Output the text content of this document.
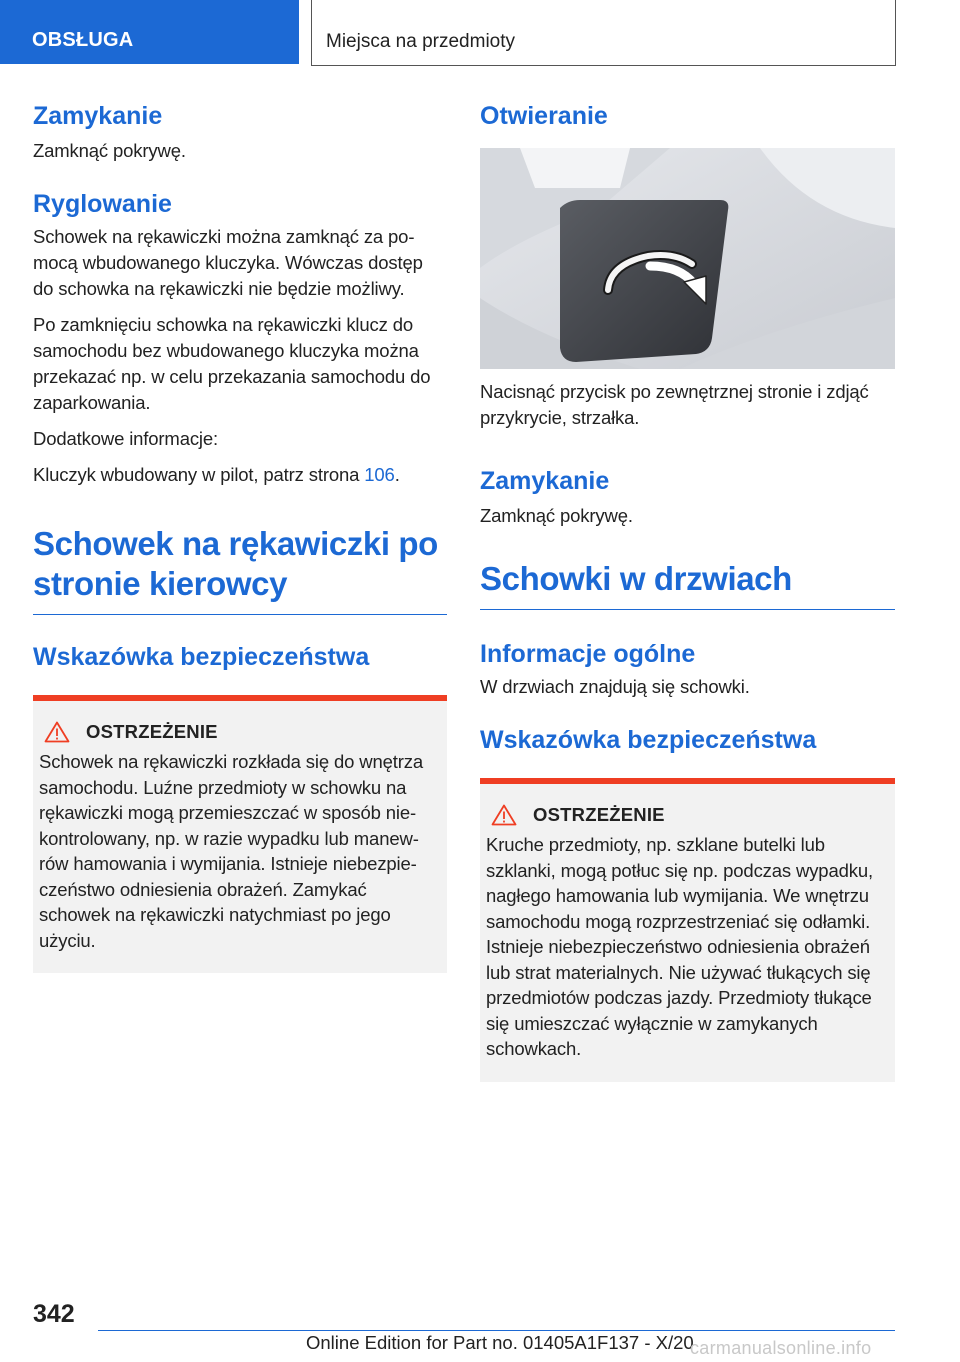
OBSŁUGA	Miejsca na przedmioty
Zamykanie

Zamknąć pokrywę.

Ryglowanie

Schowek na rękawiczki można zamknąć za pomocą wbudowanego kluczyka. Wówczas dostęp do schowka na rękawiczki nie będzie możliwy.

Po zamknięciu schowka na rękawiczki klucz do samochodu bez wbudowanego kluczyka można przekazać np. w celu przekazania samochodu do zaparkowania.

Dodatkowe informacje:

Kluczyk wbudowany w pilot, patrz strona 106.

Schowek na rękawiczki po stronie kierowcy
Wskazówka bezpieczeństwa
OSTRZEŻENIE

Schowek na rękawiczki rozkłada się do wnętrza samochodu. Luźne przedmioty w schowku na rękawiczki mogą przemieszczać w sposób niekontrolowany, np. w razie wypadku lub manewrów hamowania i wymijania. Istnieje niebezpieczeństwo odniesienia obrażeń. Zamykać schowek na rękawiczki natychmiast po jego użyciu.

Otwieranie

Nacisnąć przycisk po zewnętrznej stronie i zdjąć przykrycie, strzałka.

Zamykanie

Zamknąć pokrywę.

Schowki w drzwiach
Informacje ogólne

W drzwiach znajdują się schowki.

Wskazówka bezpieczeństwa
OSTRZEŻENIE

Kruche przedmioty, np. szklane butelki lub szklanki, mogą potłuc się np. podczas wypadku, nagłego hamowania lub wymijania. We wnętrzu samochodu mogą rozprzestrzeniać się odłamki. Istnieje niebezpieczeństwo odniesienia obrażeń lub strat materialnych. Nie używać tłukących się przedmiotów podczas jazdy. Przedmioty tłukące się umieszczać wyłącznie w zamykanych schowkach.

342
Online Edition for Part no. 01405A1F137 - X/20
carmanualsonline.info
